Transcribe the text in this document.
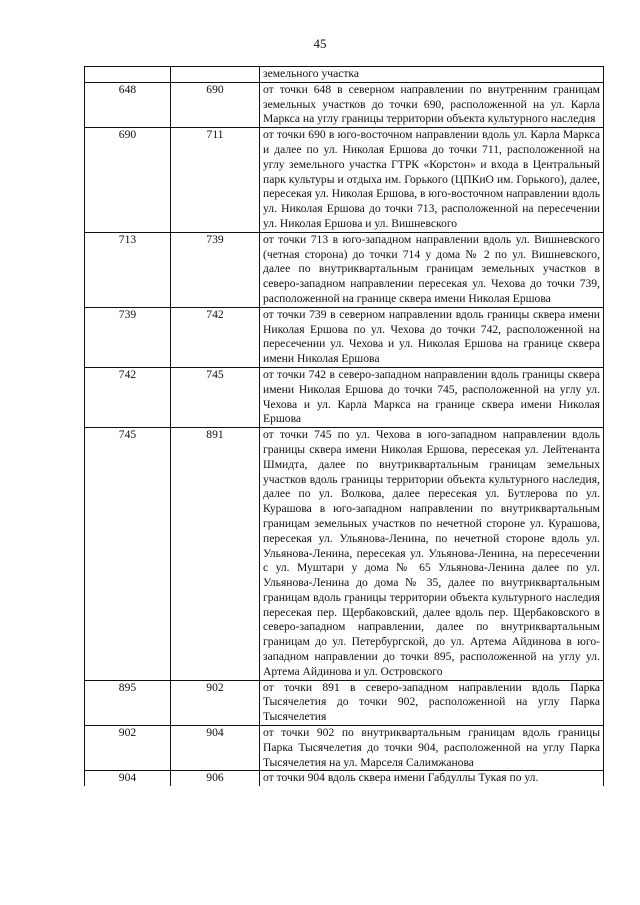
45
		земельного участка
648	690	от точки 648 в северном направлении по внутренним границам земельных участков до точки 690, расположенной на ул. Карла Маркса на углу границы территории объекта культурного наследия
690	711	от точки 690 в юго-восточном направлении вдоль ул. Карла Маркса и далее по ул. Николая Ершова до точки 711, расположенной на углу земельного участка ГТРК «Корстон» и входа в Центральный парк культуры и отдыха им. Горького (ЦПКиО им. Горького), далее, пересекая ул. Николая Ершова, в юго-восточном направлении вдоль ул. Николая Ершова до точки 713, расположенной на пересечении ул. Николая Ершова и ул. Вишневского
713	739	от точки 713 в юго-западном направлении вдоль ул. Вишневского (четная сторона) до точки 714 у дома № 2 по ул. Вишневского, далее по внутриквартальным границам земельных участков в северо-западном направлении пересекая ул. Чехова до точки 739, расположенной на границе сквера имени Николая Ершова
739	742	от точки 739 в северном направлении вдоль границы сквера имени Николая Ершова по ул. Чехова до точки 742, расположенной на пересечении ул. Чехова и ул. Николая Ершова на границе сквера имени Николая Ершова
742	745	от точки 742 в северо-западном направлении вдоль границы сквера имени Николая Ершова до точки 745, расположенной на углу ул. Чехова и ул. Карла Маркса на границе сквера имени Николая Ершова
745	891	от точки 745 по ул. Чехова в юго-западном направлении вдоль границы сквера имени Николая Ершова, пересекая ул. Лейтенанта Шмидта, далее по внутриквартальным границам земельных участков вдоль границы территории объекта культурного наследия, далее по ул. Волкова, далее пересекая ул. Бутлерова по ул. Курашова в юго-западном направлении по внутриквартальным границам земельных участков по нечетной стороне ул. Курашова, пересекая ул. Ульянова-Ленина, по нечетной стороне вдоль ул. Ульянова-Ленина, пересекая ул. Ульянова-Ленина, на пересечении с ул. Муштари у дома № 65 Ульянова-Ленина далее по ул. Ульянова-Ленина до дома № 35, далее по внутриквартальным границам вдоль границы территории объекта культурного наследия пересекая пер. Щербаковский, далее вдоль пер. Щербаковского в северо-западном направлении, далее по внутриквартальным границам до ул. Петербургской, до ул. Артема Айдинова в юго-западном направлении до точки 895, расположенной на углу ул. Артема Айдинова и ул. Островского
895	902	от точки 891 в северо-западном направлении вдоль Парка Тысячелетия до точки 902, расположенной на углу Парка Тысячелетия
902	904	от точки 902 по внутриквартальным границам вдоль границы Парка Тысячелетия до точки 904, расположенной на углу Парка Тысячелетия на ул. Марселя Салимжанова
904	906	от точки 904 вдоль сквера имени Габдуллы Тукая по ул.
